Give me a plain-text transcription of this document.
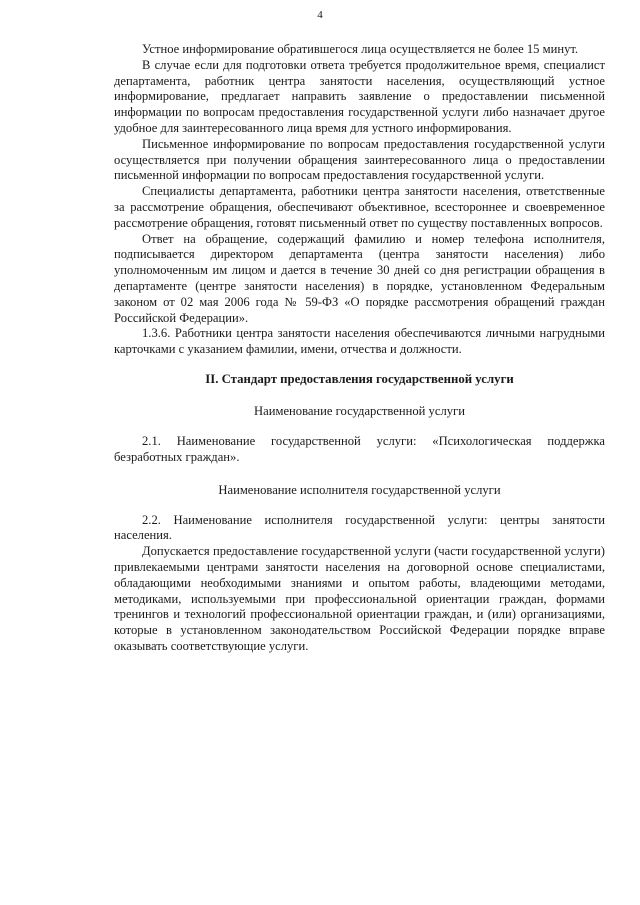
4

Устное информирование обратившегося лица осуществляется не более 15 минут.

В случае если для подготовки ответа требуется продолжительное время, специалист департамента, работник центра занятости населения, осуществляющий устное информирование, предлагает направить заявление о предоставлении письменной информации по вопросам предоставления государственной услуги либо назначает другое удобное для заинтересованного лица время для устного информирования.

Письменное информирование по вопросам предоставления государственной услуги осуществляется при получении обращения заинтересованного лица о предоставлении письменной информации по вопросам предоставления государственной услуги.

Специалисты департамента, работники центра занятости населения, ответственные за рассмотрение обращения, обеспечивают объективное, всестороннее и своевременное рассмотрение обращения, готовят письменный ответ по существу поставленных вопросов.

Ответ на обращение, содержащий фамилию и номер телефона исполнителя, подписывается директором департамента (центра занятости населения) либо уполномоченным им лицом и дается в течение 30 дней со дня регистрации обращения в департаменте (центре занятости населения) в порядке, установленном Федеральным законом от 02 мая 2006 года № 59-ФЗ «О порядке рассмотрения обращений граждан Российской Федерации».

1.3.6. Работники центра занятости населения обеспечиваются личными нагрудными карточками с указанием фамилии, имени, отчества и должности.

II. Стандарт предоставления государственной услуги
Наименование государственной услуги

2.1. Наименование государственной услуги: «Психологическая поддержка безработных граждан».

Наименование исполнителя государственной услуги

2.2. Наименование исполнителя государственной услуги: центры занятости населения.

Допускается предоставление государственной услуги (части государственной услуги) привлекаемыми центрами занятости населения на договорной основе специалистами, обладающими необходимыми знаниями и опытом работы, владеющими методами, методиками, используемыми при профессиональной ориентации граждан, формами тренингов и технологий профессиональной ориентации граждан, и (или) организациями, которые в установленном законодательством Российской Федерации порядке вправе оказывать соответствующие услуги.
